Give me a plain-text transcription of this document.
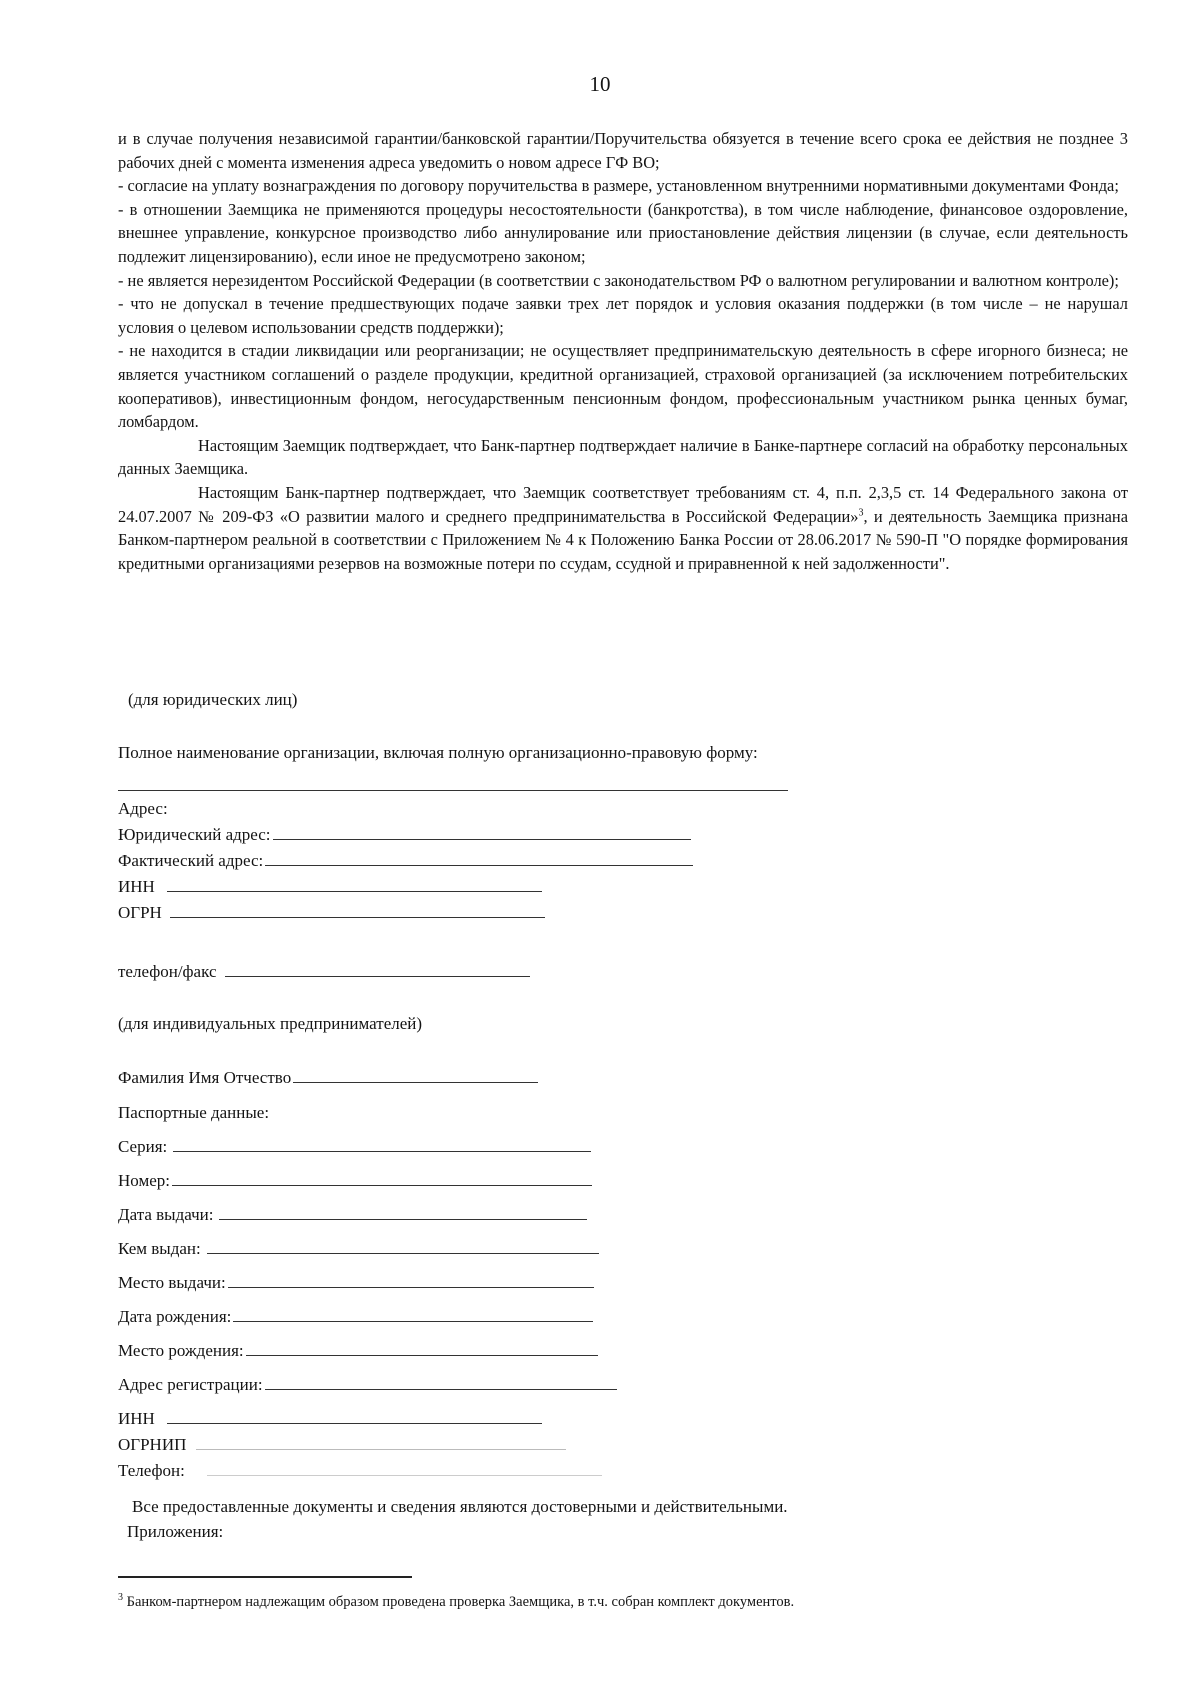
10

и в случае получения независимой гарантии/банковской гарантии/Поручительства обязуется в течение всего срока ее действия не позднее 3 рабочих дней с момента изменения адреса уведомить о новом адресе ГФ ВО;

- согласие на уплату вознаграждения по договору поручительства в размере, установленном внутренними нормативными документами Фонда;

- в отношении Заемщика не применяются процедуры несостоятельности (банкротства), в том числе наблюдение, финансовое оздоровление, внешнее управление, конкурсное производство либо аннулирование или приостановление действия лицензии (в случае, если деятельность подлежит лицензированию), если иное не предусмотрено законом;

- не является нерезидентом Российской Федерации (в соответствии с законодательством РФ о валютном регулировании и валютном контроле);

- что не допускал в течение предшествующих подаче заявки трех лет порядок и условия оказания поддержки (в том числе – не нарушал условия о целевом использовании средств поддержки);

- не находится в стадии ликвидации или реорганизации; не осуществляет предпринимательскую деятельность в сфере игорного бизнеса; не является участником соглашений о разделе продукции, кредитной организацией, страховой организацией (за исключением потребительских кооперативов), инвестиционным фондом, негосударственным пенсионным фондом, профессиональным участником рынка ценных бумаг, ломбардом.

Настоящим Заемщик подтверждает, что Банк-партнер подтверждает наличие в Банке-партнере согласий на обработку персональных данных Заемщика.

Настоящим Банк-партнер подтверждает, что Заемщик соответствует требованиям ст. 4, п.п. 2,3,5 ст. 14 Федерального закона от 24.07.2007 № 209-ФЗ «О развитии малого и среднего предпринимательства в Российской Федерации»$^3$, и деятельность Заемщика признана Банком-партнером реальной в соответствии с Приложением № 4 к Положению Банка России от 28.06.2017 № 590-П "О порядке формирования кредитными организациями резервов на возможные потери по ссудам, ссудной и приравненной к ней задолженности".

(для юридических лиц)
Полное наименование организации, включая полную организационно-правовую форму:
Адрес:
Юридический адрес:
Фактический адрес:
ИНН
ОГРН
телефон/факс
(для индивидуальных предпринимателей)
Фамилия Имя Отчество
Паспортные данные:
Серия:
Номер:
Дата выдачи:
Кем выдан:
Место выдачи:
Дата рождения:
Место рождения:
Адрес регистрации:
ИНН
ОГРНИП
Телефон:
Все предоставленные документы и сведения являются достоверными и действительными.
Приложения:
$^3$ Банком-партнером надлежащим образом проведена проверка Заемщика, в т.ч. собран комплект документов.
